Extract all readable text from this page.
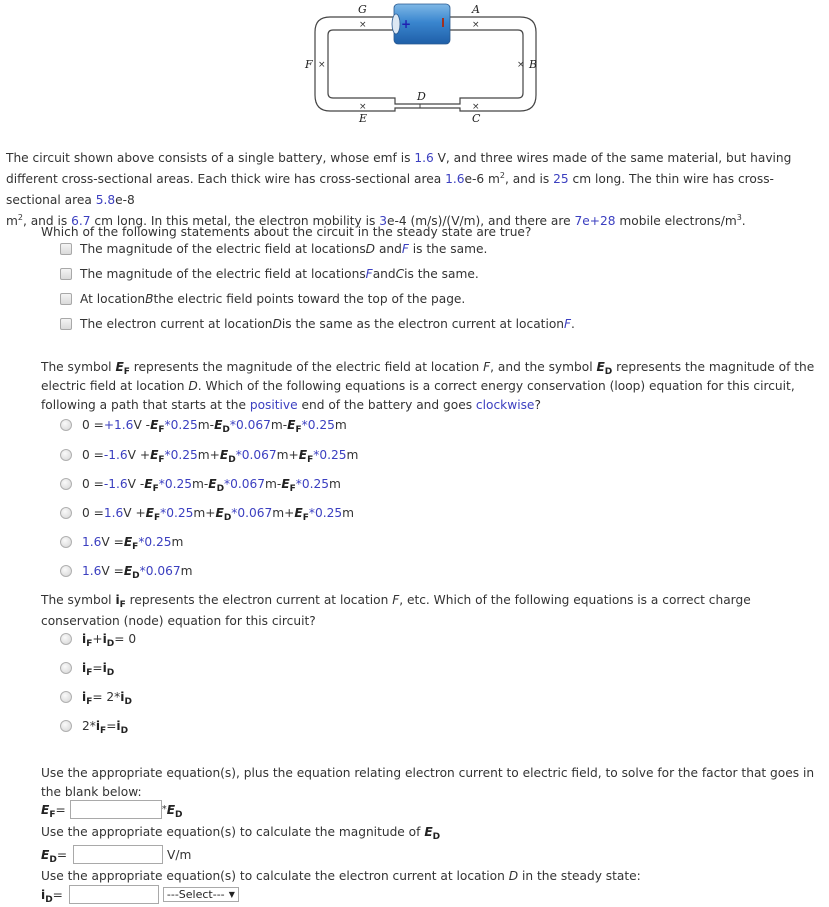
+
×	×
×	×
×	×
G	A
F	B
D
E	C
The circuit shown above consists of a single battery, whose emf is 1.6 V, and three wires made of the same material, but having different cross-sectional areas. Each thick wire has cross-sectional area 1.6e-6 $m^2$, and is 25 cm long. The thin wire has cross-sectional area 5.8e-8
$m^2$, and is 6.7 cm long. In this metal, the electron mobility is 3e-4 (m/s)/(V/m), and there are 7e+28 mobile electrons/$m^3$.
Which of the following statements about the circuit in the steady state are true?
The magnitude of the electric field at locations D
and F
is the same.
The magnitude of the electric field at locations F and C is the same.
At location B the electric field points toward the top of the page.
The electron current at location D is the same as the electron current at location F .
The symbol $E_F$ represents the magnitude of the electric field at location F, and the symbol $E_D$ represents the magnitude of the electric field at location D. Which of the following equations is a correct energy conservation (loop) equation for this circuit, following a path that starts at the positive end of the battery and goes clockwise?
0 = +1.6 V - $E_F$ *0.25 m - $E_D$ *0.067 m - $E_F$ *0.25 m
0 = -1.6 $V + E_F$ *0.25 $m + E_D$ *0.067 $m + E_F$ *0.25 m
0 = -1.6 V - $E_F$ *0.25 m - $E_D$ *0.067 m - $E_F$ *0.25 m
0 = 1.6 $V + E_F$ *0.25 $m + E_D$ *0.067 $m + E_F$ *0.25 m
1.6 $V = E_F$ *0.25 m
1.6 $V = E_D$ *0.067 m
The symbol $i_F$ represents the electron current at location F, etc. Which of the following equations is a correct charge conservation (node) equation for this circuit?
$i_F + i_D = 0$
$i_F = i_D$
$i_F = 2*$ $i_D$
2* $i_F = i_D$
Use the appropriate equation(s), plus the equation relating electron current to electric field, to solve for the factor that goes in the blank below:
$E_F$ =	* $E_D$
Use the appropriate equation(s) to calculate the magnitude of $E_D$
$E_D$ =	V/m
Use the appropriate equation(s) to calculate the electron current at location D in the steady state:
$i_D$ =	---Select--- ▼
